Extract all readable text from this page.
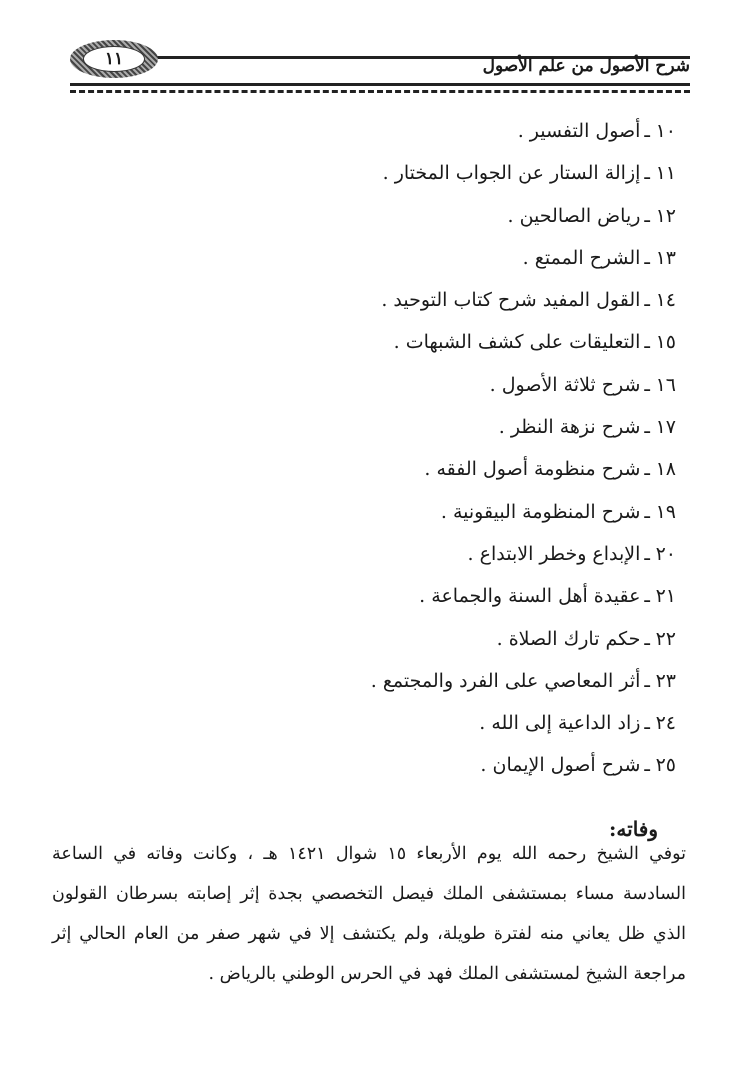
١١	شرح الأصول من علم الأصول
١٠ـأصول التفسير .
١١ـإزالة الستار عن الجواب المختار .
١٢ـرياض الصالحين .
١٣ـالشرح الممتع .
١٤ـالقول المفيد شرح كتاب التوحيد .
١٥ـالتعليقات على كشف الشبهات .
١٦ـشرح ثلاثة الأصول .
١٧ـشرح نزهة النظر .
١٨ـشرح منظومة أصول الفقه .
١٩ـشرح المنظومة البيقونية .
٢٠ـالإبداع وخطر الابتداع .
٢١ـعقيدة أهل السنة والجماعة .
٢٢ـحكم تارك الصلاة .
٢٣ـأثر المعاصي على الفرد والمجتمع .
٢٤ـزاد الداعية إلى الله .
٢٥ـشرح أصول الإيمان .
وفاته:

توفي الشيخ رحمه الله يوم الأربعاء ١٥ شوال ١٤٢١ هـ ، وكانت وفاته في الساعة السادسة مساء بمستشفى الملك فيصل التخصصي بجدة إثر إصابته بسرطان القولون الذي ظل يعاني منه لفترة طويلة، ولم يكتشف إلا في شهر صفر من العام الحالي إثر مراجعة الشيخ لمستشفى الملك فهد في الحرس الوطني بالرياض .
